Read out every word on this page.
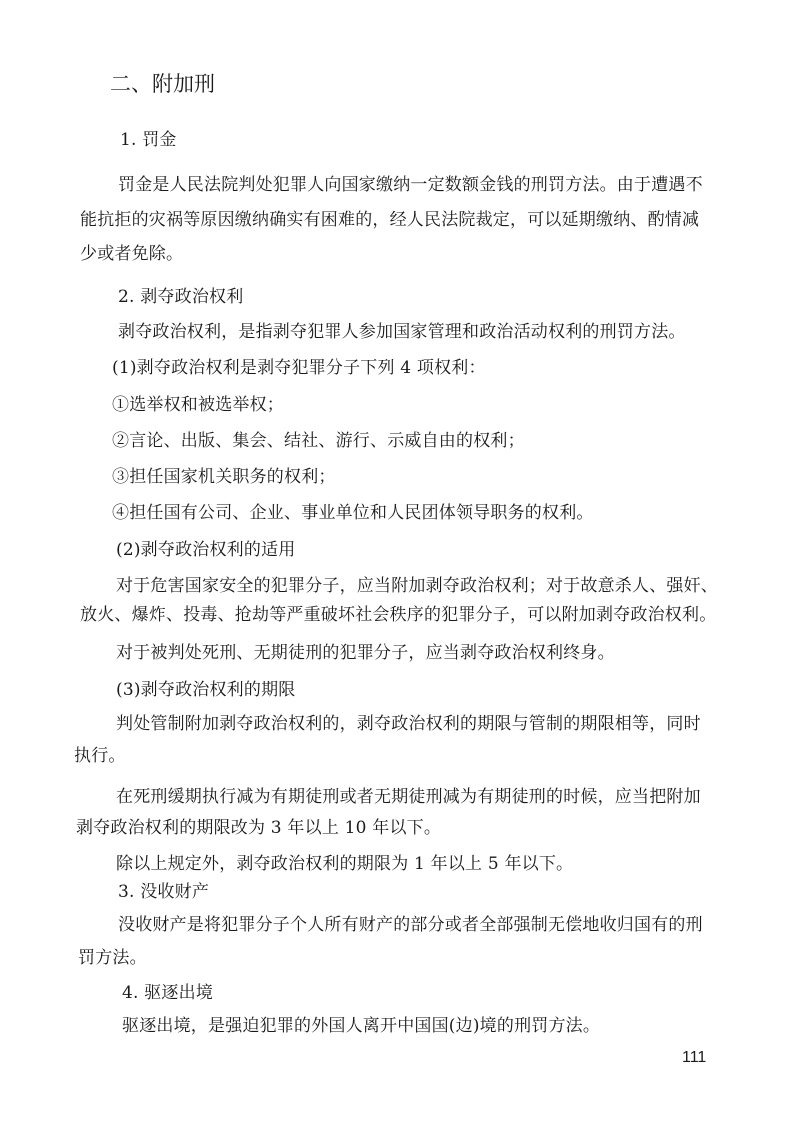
二、附加刑
1. 罚金
罚金是人民法院判处犯罪人向国家缴纳一定数额金钱的刑罚方法。由于遭遇不
能抗拒的灾祸等原因缴纳确实有困难的，经人民法院裁定，可以延期缴纳、酌情减
少或者免除。
2. 剥夺政治权利
剥夺政治权利，是指剥夺犯罪人参加国家管理和政治活动权利的刑罚方法。
(1)剥夺政治权利是剥夺犯罪分子下列 4 项权利：
①选举权和被选举权；
②言论、出版、集会、结社、游行、示威自由的权利；
③担任国家机关职务的权利；
④担任国有公司、企业、事业单位和人民团体领导职务的权利。
(2)剥夺政治权利的适用
对于危害国家安全的犯罪分子，应当附加剥夺政治权利；对于故意杀人、强奸、
放火、爆炸、投毒、抢劫等严重破坏社会秩序的犯罪分子，可以附加剥夺政治权利。
对于被判处死刑、无期徒刑的犯罪分子，应当剥夺政治权利终身。
(3)剥夺政治权利的期限
判处管制附加剥夺政治权利的，剥夺政治权利的期限与管制的期限相等，同时
执行。
在死刑缓期执行减为有期徒刑或者无期徒刑减为有期徒刑的时候，应当把附加
剥夺政治权利的期限改为 3 年以上 10 年以下。
除以上规定外，剥夺政治权利的期限为 1 年以上 5 年以下。
3. 没收财产
没收财产是将犯罪分子个人所有财产的部分或者全部强制无偿地收归国有的刑
罚方法。
4. 驱逐出境
驱逐出境，是强迫犯罪的外国人离开中国国(边)境的刑罚方法。
111
